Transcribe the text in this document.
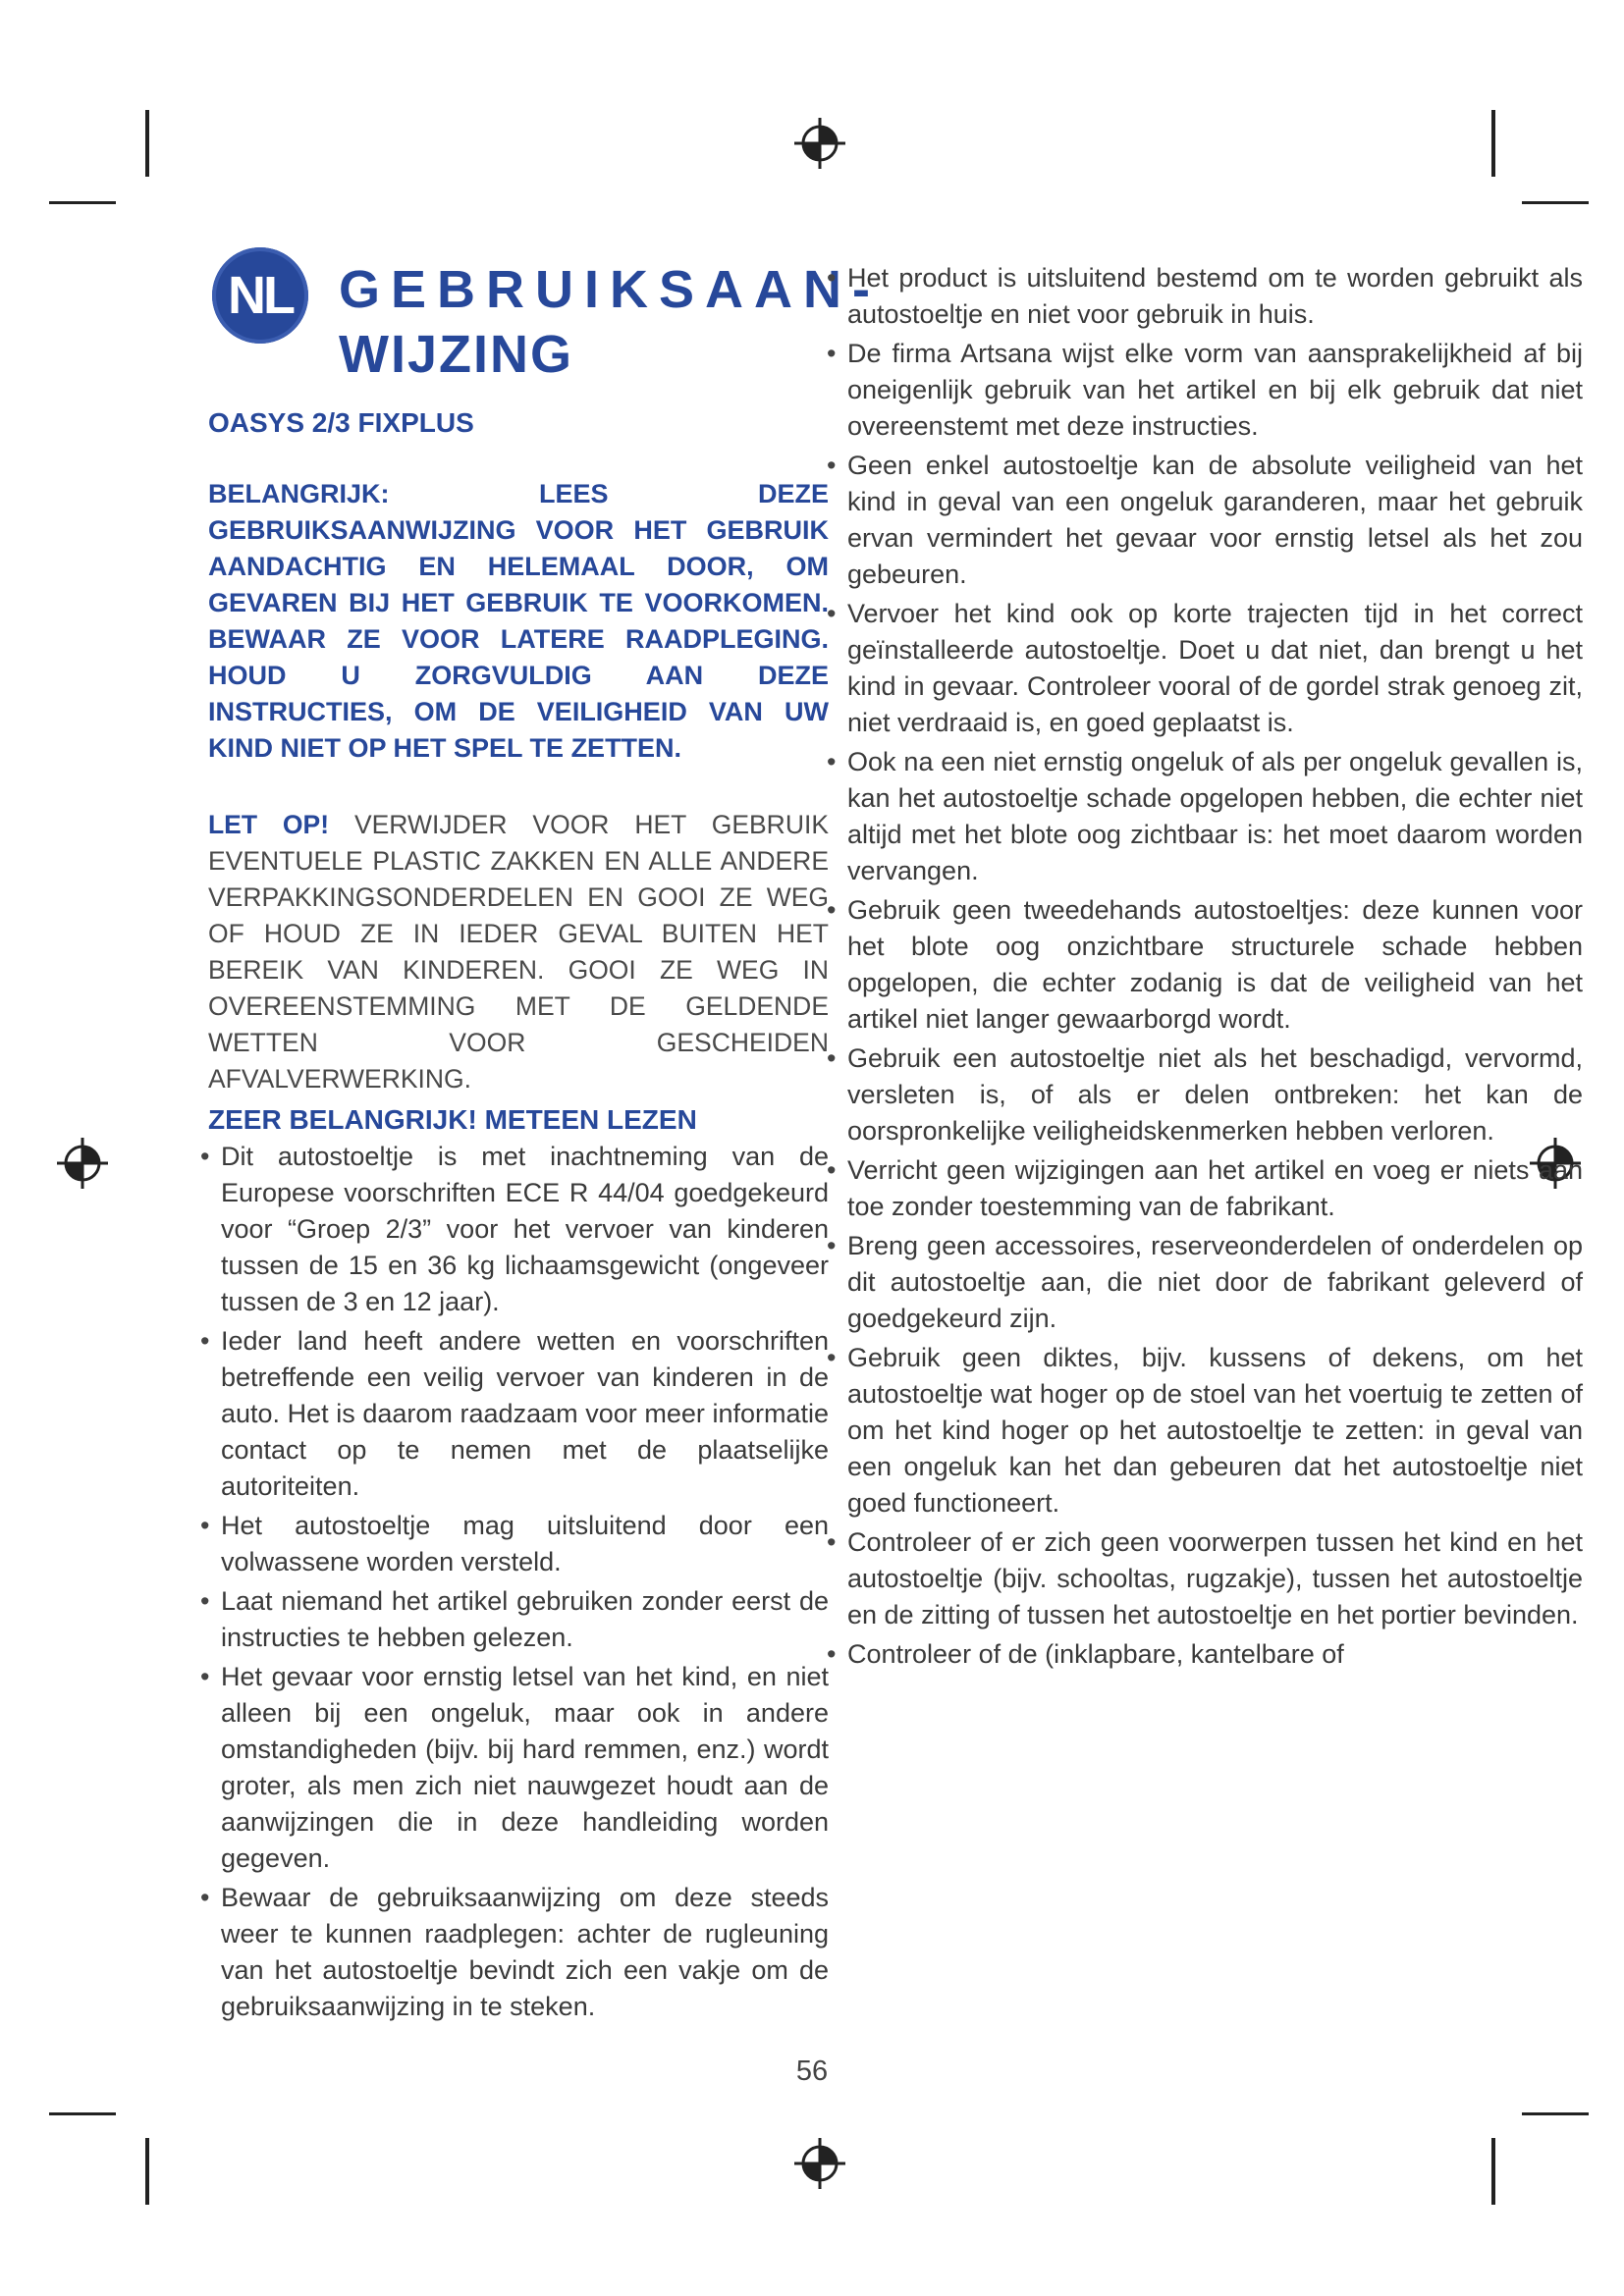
NL GEBRUIKSAAN-
WIJZING
OASYS 2/3 FIXPLUS
BELANGRIJK: LEES DEZE GEBRUIKSAANWIJZING VOOR HET GEBRUIK AANDACHTIG EN HELEMAAL DOOR, OM GEVAREN BIJ HET GEBRUIK TE VOORKOMEN. BEWAAR ZE VOOR LATERE RAADPLEGING. HOUD U ZORGVULDIG AAN DEZE INSTRUCTIES, OM DE VEILIGHEID VAN UW KIND NIET OP HET SPEL TE ZETTEN.
LET OP! VERWIJDER VOOR HET GEBRUIK EVENTUELE PLASTIC ZAKKEN EN ALLE ANDERE VERPAKKINGSONDERDELEN EN GOOI ZE WEG OF HOUD ZE IN IEDER GEVAL BUITEN HET BEREIK VAN KINDEREN. GOOI ZE WEG IN OVEREENSTEMMING MET DE GELDENDE WETTEN VOOR GESCHEIDEN AFVALVERWERKING.
ZEER BELANGRIJK! METEEN LEZEN
• Dit autostoeltje is met inachtneming van de Europese voorschriften ECE R 44/04 goedgekeurd voor “Groep 2/3” voor het vervoer van kinderen tussen de 15 en 36 kg lichaamsgewicht (ongeveer tussen de 3 en 12 jaar).
• Ieder land heeft andere wetten en voorschriften betreffende een veilig vervoer van kinderen in de auto. Het is daarom raadzaam voor meer informatie contact op te nemen met de plaatselijke autoriteiten.
• Het autostoeltje mag uitsluitend door een volwassene worden versteld.
• Laat niemand het artikel gebruiken zonder eerst de instructies te hebben gelezen.
• Het gevaar voor ernstig letsel van het kind, en niet alleen bij een ongeluk, maar ook in andere omstandigheden (bijv. bij hard remmen, enz.) wordt groter, als men zich niet nauwgezet houdt aan de aanwijzingen die in deze handleiding worden gegeven.
• Bewaar de gebruiksaanwijzing om deze steeds weer te kunnen raadplegen: achter de rugleuning van het autostoeltje bevindt zich een vakje om de gebruiksaanwijzing in te steken.
• Het product is uitsluitend bestemd om te worden gebruikt als autostoeltje en niet voor gebruik in huis.
• De firma Artsana wijst elke vorm van aansprakelijkheid af bij oneigenlijk gebruik van het artikel en bij elk gebruik dat niet overeenstemt met deze instructies.
• Geen enkel autostoeltje kan de absolute veiligheid van het kind in geval van een ongeluk garanderen, maar het gebruik ervan vermindert het gevaar voor ernstig letsel als het zou gebeuren.
• Vervoer het kind ook op korte trajecten tijd in het correct geïnstalleerde autostoeltje. Doet u dat niet, dan brengt u het kind in gevaar. Controleer vooral of de gordel strak genoeg zit, niet verdraaid is, en goed geplaatst is.
• Ook na een niet ernstig ongeluk of als per ongeluk gevallen is, kan het autostoeltje schade opgelopen hebben, die echter niet altijd met het blote oog zichtbaar is: het moet daarom worden vervangen.
• Gebruik geen tweedehands autostoeltjes: deze kunnen voor het blote oog onzichtbare structurele schade hebben opgelopen, die echter zodanig is dat de veiligheid van het artikel niet langer gewaarborgd wordt.
• Gebruik een autostoeltje niet als het beschadigd, vervormd, versleten is, of als er delen ontbreken: het kan de oorspronkelijke veiligheidskenmerken hebben verloren.
• Verricht geen wijzigingen aan het artikel en voeg er niets aan toe zonder toestemming van de fabrikant.
• Breng geen accessoires, reserveonderdelen of onderdelen op dit autostoeltje aan, die niet door de fabrikant geleverd of goedgekeurd zijn.
• Gebruik geen diktes, bijv. kussens of dekens, om het autostoeltje wat hoger op de stoel van het voertuig te zetten of om het kind hoger op het autostoeltje te zetten: in geval van een ongeluk kan het dan gebeuren dat het autostoeltje niet goed functioneert.
• Controleer of er zich geen voorwerpen tussen het kind en het autostoeltje (bijv. schooltas, rugzakje), tussen het autostoeltje en de zitting of tussen het autostoeltje en het portier bevinden.
• Controleer of de (inklapbare, kantelbare of
56
